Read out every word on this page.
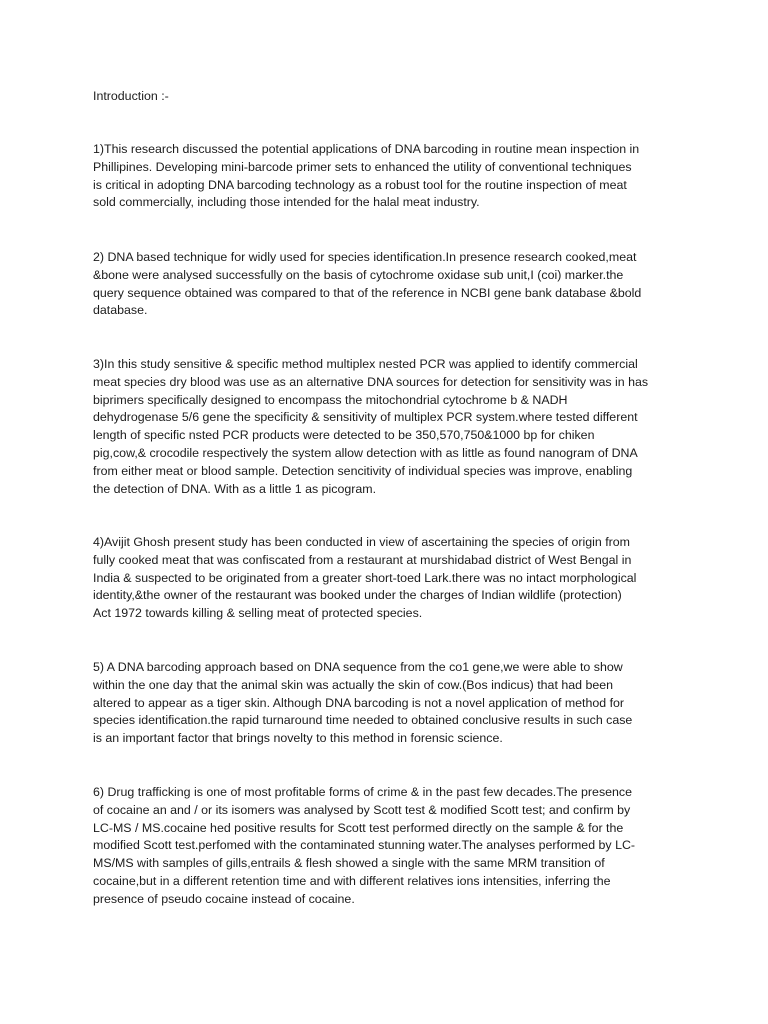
Introduction :-

1)This research discussed the potential applications of DNA barcoding in routine mean inspection in
Phillipines. Developing mini-barcode primer sets to enhanced the utility of conventional techniques
is critical in adopting DNA barcoding technology as a robust tool for the routine inspection of meat
sold commercially, including those intended for the halal meat industry.

2) DNA based technique for widly used for species identification.In presence research cooked,meat
&bone were analysed successfully on the basis of cytochrome oxidase sub unit,I (coi) marker.the
query sequence obtained was compared to that of the reference in NCBI gene bank database &bold
database.

3)In this study sensitive & specific method multiplex nested PCR was applied to identify commercial
meat species dry blood was use as an alternative DNA sources for detection for sensitivity was in has
biprimers specifically designed to encompass the mitochondrial cytochrome b & NADH
dehydrogenase 5/6 gene the specificity & sensitivity of multiplex PCR system.where tested different
length of specific nsted PCR products were detected to be 350,570,750&1000 bp for chiken
pig,cow,& crocodile respectively the system allow detection with as little as found nanogram of DNA
from either meat or blood sample. Detection sencitivity of individual species was improve, enabling
the detection of DNA. With as a little 1 as picogram.

4)Avijit Ghosh present study has been conducted in view of ascertaining the species of origin from
fully cooked meat that was confiscated from a restaurant at murshidabad district of West Bengal in
India & suspected to be originated from a greater short-toed Lark.there was no intact morphological
identity,&the owner of the restaurant was booked under the charges of Indian wildlife (protection)
Act 1972 towards killing & selling meat of protected species.

5) A DNA barcoding approach based on DNA sequence from the co1 gene,we were able to show
within the one day that the animal skin was actually the skin of cow.(Bos indicus) that had been
altered to appear as a tiger skin. Although DNA barcoding is not a novel application of method for
species identification.the rapid turnaround time needed to obtained conclusive results in such case
is an important factor that brings novelty to this method in forensic science.

6) Drug trafficking is one of most profitable forms of crime & in the past few decades.The presence
of cocaine an and / or its isomers was analysed by Scott test & modified Scott test; and confirm by
LC-MS / MS.cocaine hed positive results for Scott test performed directly on the sample & for the
modified Scott test.perfomed with the contaminated stunning water.The analyses performed by LC-
MS/MS with samples of gills,entrails & flesh showed a single with the same MRM transition of
cocaine,but in a different retention time and with different relatives ions intensities, inferring the
presence of pseudo cocaine instead of cocaine.
